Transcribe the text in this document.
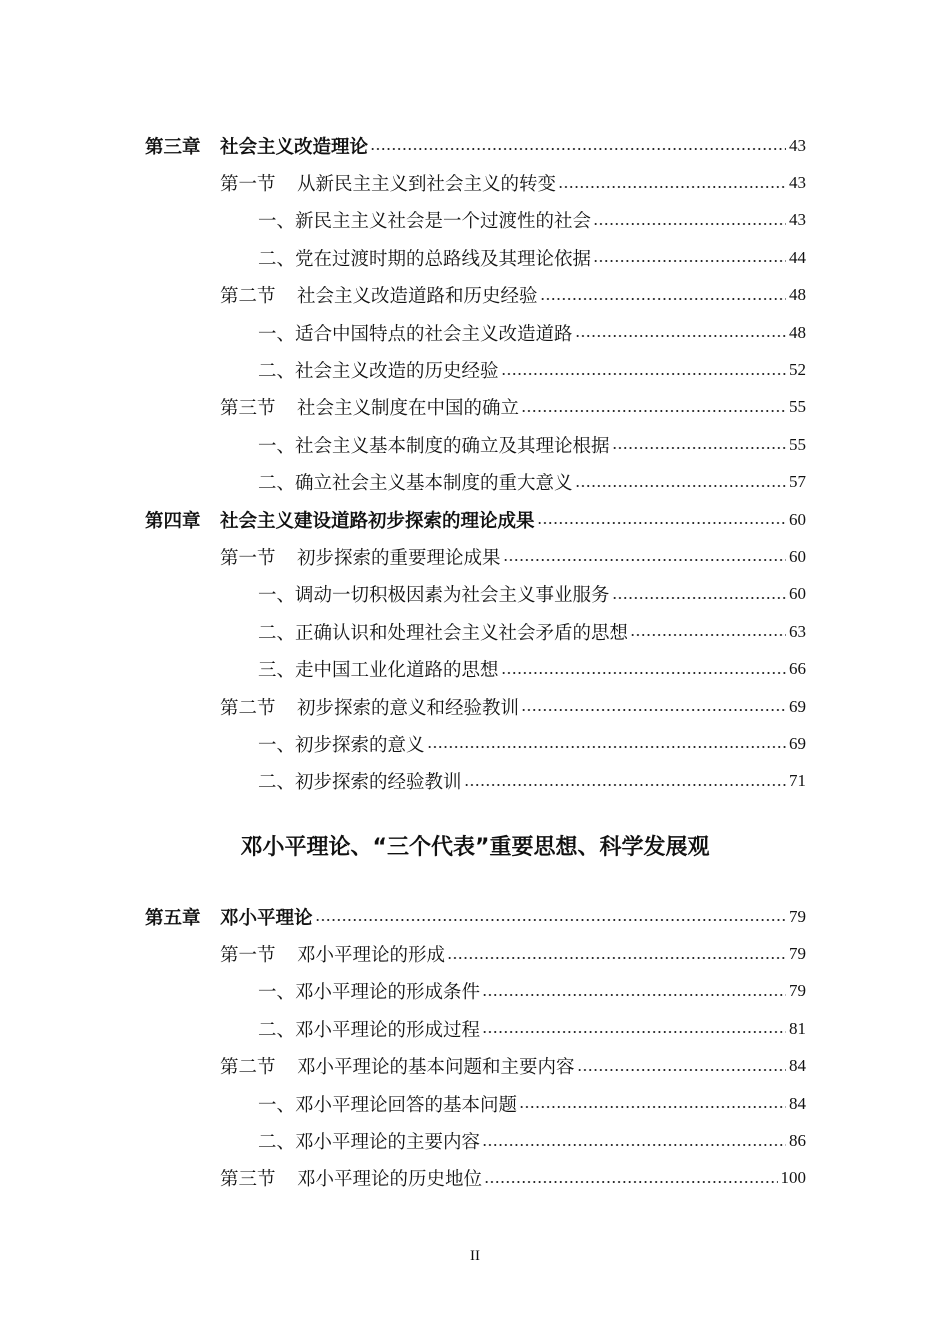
第三章	社会主义改造理论	43
第一节	从新民主主义到社会主义的转变	43
一、新民主主义社会是一个过渡性的社会	43
二、党在过渡时期的总路线及其理论依据	44
第二节	社会主义改造道路和历史经验	48
一、适合中国特点的社会主义改造道路	48
二、社会主义改造的历史经验	52
第三节	社会主义制度在中国的确立	55
一、社会主义基本制度的确立及其理论根据	55
二、确立社会主义基本制度的重大意义	57
第四章	社会主义建设道路初步探索的理论成果	60
第一节	初步探索的重要理论成果	60
一、调动一切积极因素为社会主义事业服务	60
二、正确认识和处理社会主义社会矛盾的思想	63
三、走中国工业化道路的思想	66
第二节	初步探索的意义和经验教训	69
一、初步探索的意义	69
二、初步探索的经验教训	71
邓小平理论、“三个代表”重要思想、科学发展观
第五章	邓小平理论	79
第一节	邓小平理论的形成	79
一、邓小平理论的形成条件	79
二、邓小平理论的形成过程	81
第二节	邓小平理论的基本问题和主要内容	84
一、邓小平理论回答的基本问题	84
二、邓小平理论的主要内容	86
第三节	邓小平理论的历史地位	100
II
